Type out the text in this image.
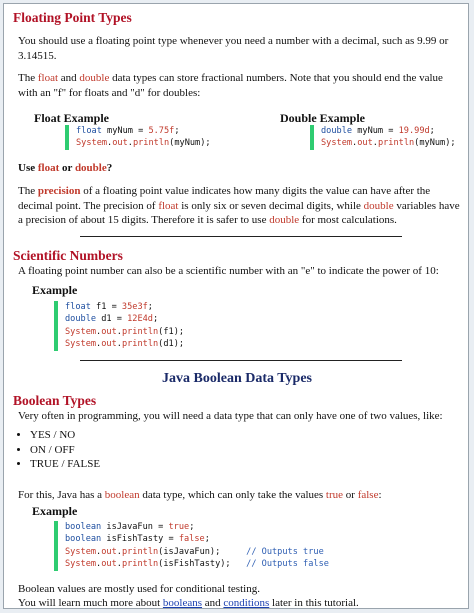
Floating Point Types
You should use a floating point type whenever you need a number with a decimal, such as 9.99 or 3.14515.
The float and double data types can store fractional numbers. Note that you should end the value with an "f" for floats and "d" for doubles:
Float Example
float myNum = 5.75f;
System.out.println(myNum);
Double Example
double myNum = 19.99d;
System.out.println(myNum);
Use float or double?
The precision of a floating point value indicates how many digits the value can have after the decimal point. The precision of float is only six or seven decimal digits, while double variables have a precision of about 15 digits. Therefore it is safer to use double for most calculations.
Scientific Numbers
A floating point number can also be a scientific number with an "e" to indicate the power of 10:
Example
float f1 = 35e3f;
double d1 = 12E4d;
System.out.println(f1);
System.out.println(d1);
Java Boolean Data Types
Boolean Types
Very often in programming, you will need a data type that can only have one of two values, like:
• YES / NO
• ON / OFF
• TRUE / FALSE
For this, Java has a boolean data type, which can only take the values true or false:
Example
boolean isJavaFun = true;
boolean isFishTasty = false;
System.out.println(isJavaFun);     // Outputs true
System.out.println(isFishTasty);   // Outputs false
Boolean values are mostly used for conditional testing.
You will learn much more about booleans and conditions later in this tutorial.
